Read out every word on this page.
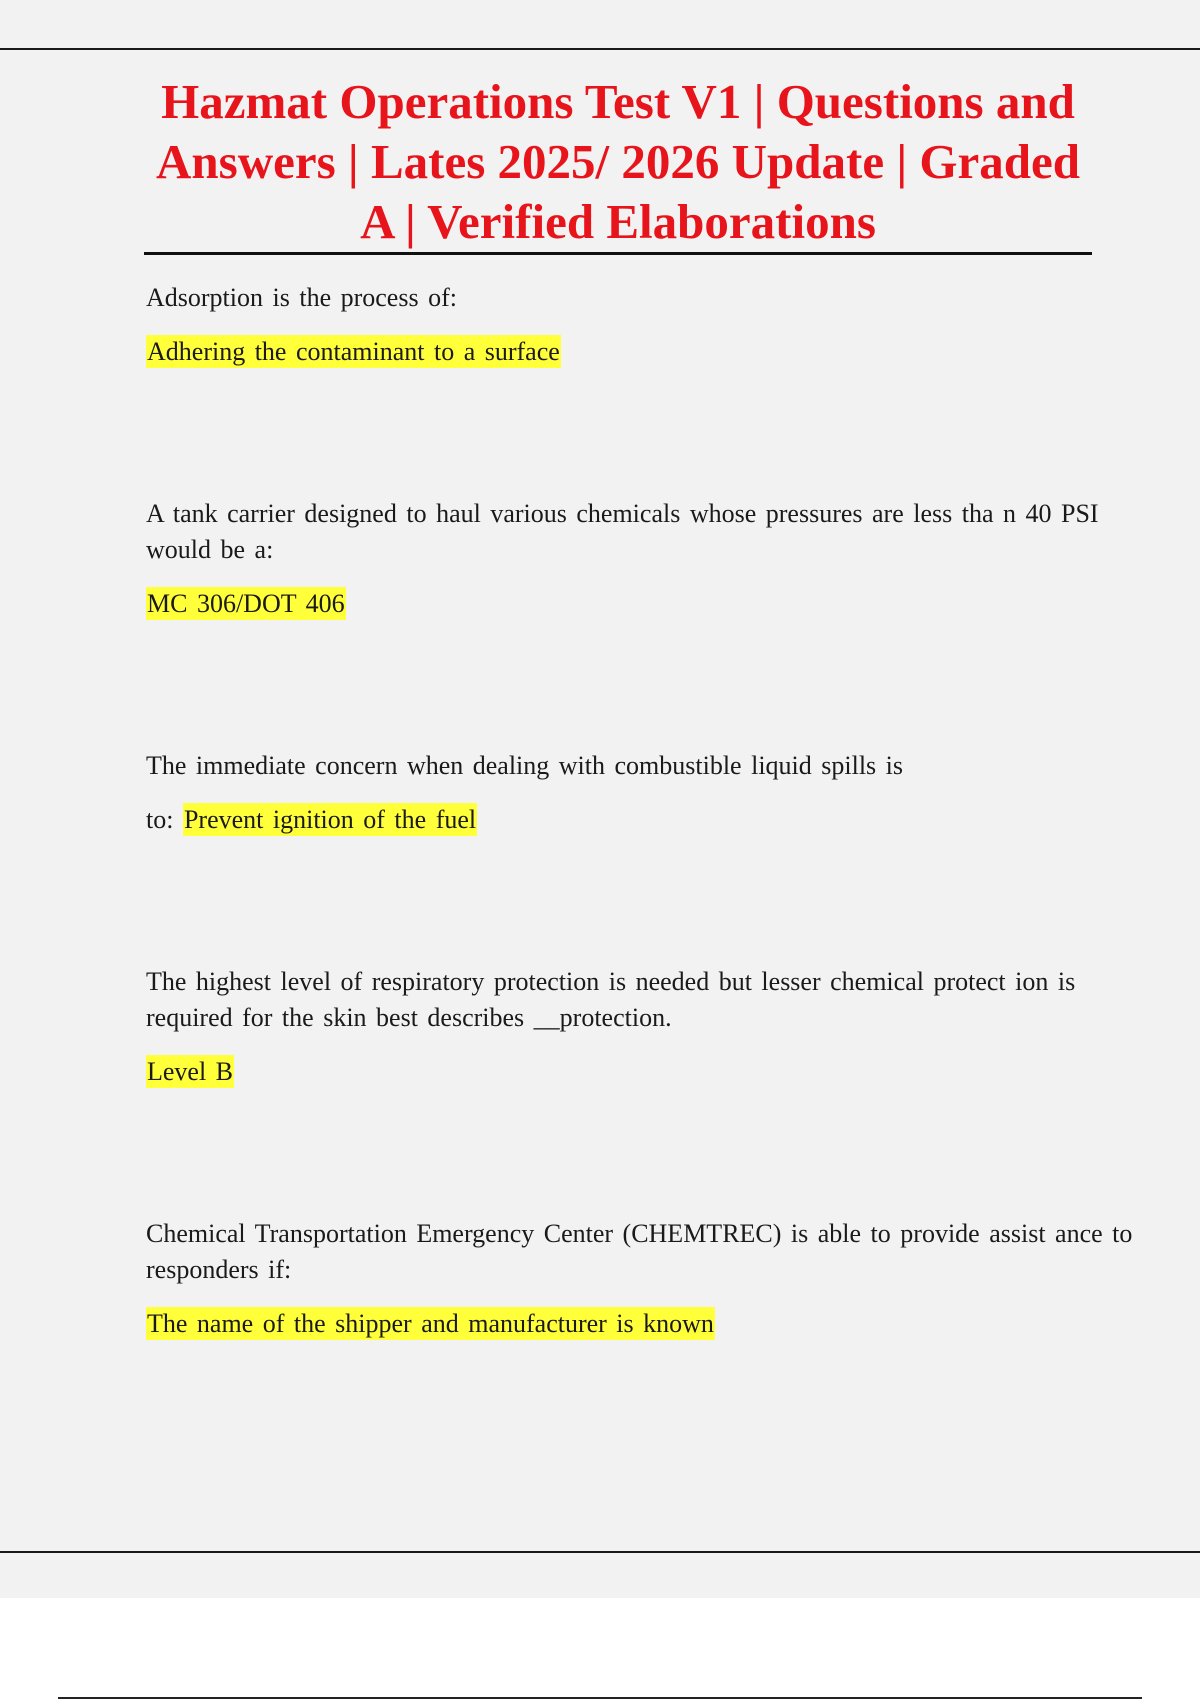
Hazmat Operations Test V1 | Questions and Answers | Lates 2025/ 2026 Update | Graded A | Verified Elaborations

Adsorption is the process of:

Adhering the contaminant to a surface

A tank carrier designed to haul various chemicals whose pressures are less tha n 40 PSI would be a:

MC 306/DOT 406

The immediate concern when dealing with combustible liquid spills is

to: Prevent ignition of the fuel

The highest level of respiratory protection is needed but lesser chemical protect ion is required for the skin best describes __protection.

Level B

Chemical Transportation Emergency Center (CHEMTREC) is able to provide assist ance to responders if:

The name of the shipper and manufacturer is known
